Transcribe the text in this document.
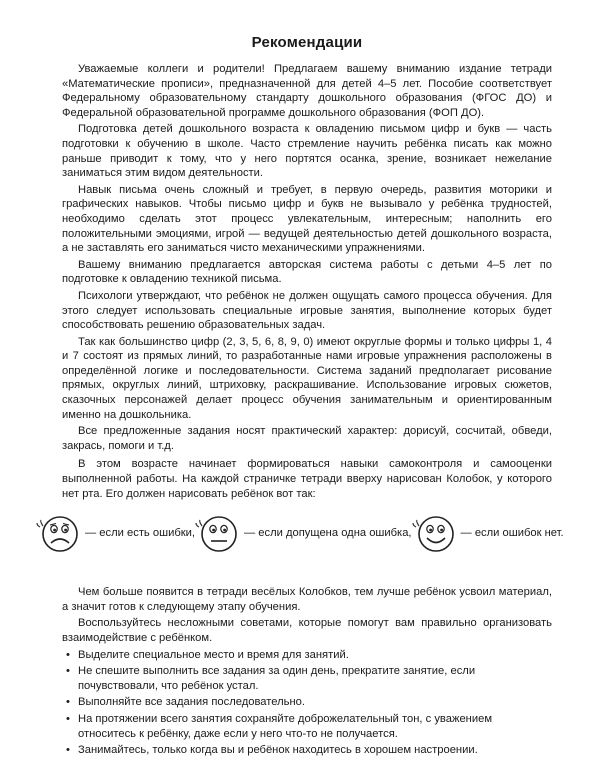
Рекомендации

Уважаемые коллеги и родители! Предлагаем вашему вниманию издание тетради «Математические прописи», предназначенной для детей 4–5 лет. Пособие соответствует Федеральному образовательному стандарту дошкольного образования (ФГОС ДО) и Федеральной образовательной программе дошкольного образования (ФОП ДО).

Подготовка детей дошкольного возраста к овладению письмом цифр и букв — часть подготовки к обучению в школе. Часто стремление научить ребёнка писать как можно раньше приводит к тому, что у него портятся осанка, зрение, возникает нежелание заниматься этим видом деятельности.

Навык письма очень сложный и требует, в первую очередь, развития моторики и графических навыков. Чтобы письмо цифр и букв не вызывало у ребёнка трудностей, необходимо сделать этот процесс увлекательным, интересным; наполнить его положительными эмоциями, игрой — ведущей деятельностью детей дошкольного возраста, а не заставлять его заниматься чисто механическими упражнениями.

Вашему вниманию предлагается авторская система работы с детьми 4–5 лет по подготовке к овладению техникой письма.

Психологи утверждают, что ребёнок не должен ощущать самого процесса обучения. Для этого следует использовать специальные игровые занятия, выполнение которых будет способствовать решению образовательных задач.

Так как большинство цифр (2, 3, 5, 6, 8, 9, 0) имеют округлые формы и только цифры 1, 4 и 7 состоят из прямых линий, то разработанные нами игровые упражнения расположены в определённой логике и последовательности. Система заданий предполагает рисование прямых, округлых линий, штриховку, раскрашивание. Использование игровых сюжетов, сказочных персонажей делает процесс обучения занимательным и ориентированным именно на дошкольника.

Все предложенные задания носят практический характер: дорисуй, сосчитай, обведи, закрась, помоги и т.д.

В этом возрасте начинает формироваться навыки самоконтроля и самооценки выполненной работы. На каждой страничке тетради вверху нарисован Колобок, у которого нет рта. Его должен нарисовать ребёнок вот так:

— если есть ошибки,	— если допущена одна ошибка,	— если ошибок нет.

Чем больше появится в тетради весёлых Колобков, тем лучше ребёнок усвоил материал, а значит готов к следующему этапу обучения.

Воспользуйтесь несложными советами, которые помогут вам правильно организовать взаимодействие с ребёнком.

• Выделите специальное место и время для занятий.
• Не спешите выполнить все задания за один день, прекратите занятие, если почувствовали, что ребёнок устал.
• Выполняйте все задания последовательно.
• На протяжении всего занятия сохраняйте доброжелательный тон, с уважением относитесь к ребёнку, даже если у него что-то не получается.
• Занимайтесь, только когда вы и ребёнок находитесь в хорошем настроении.
